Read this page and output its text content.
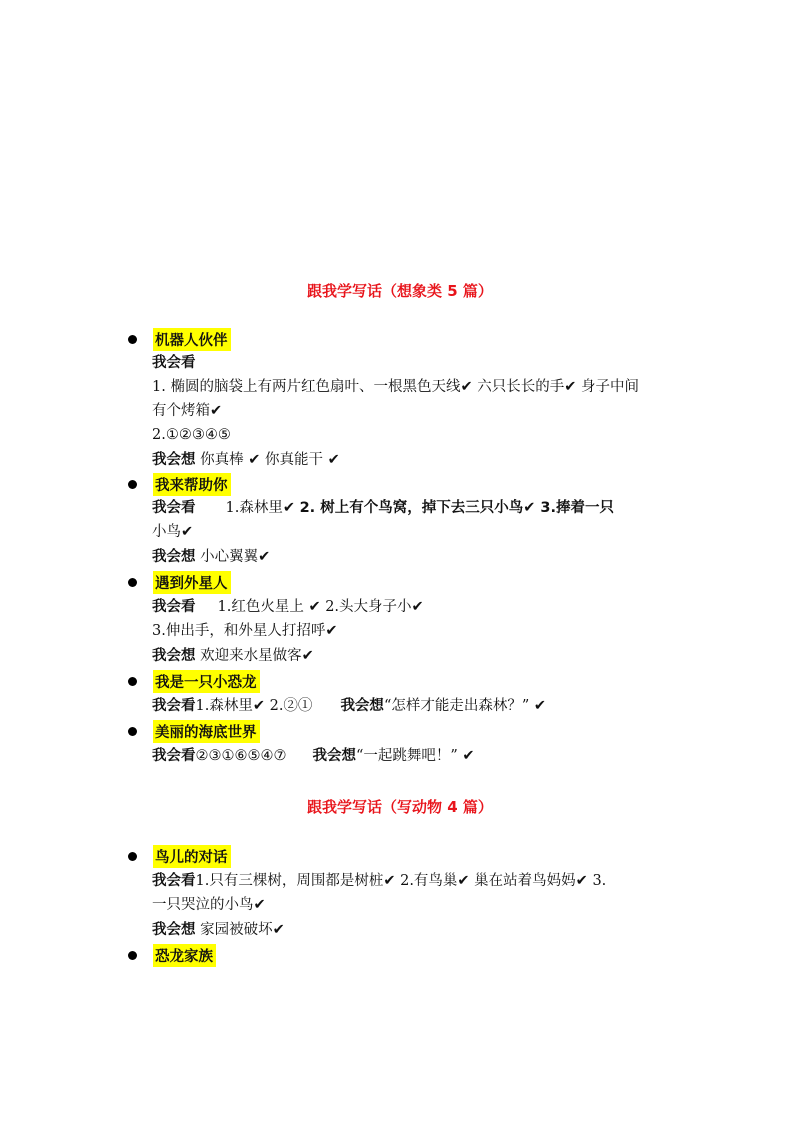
跟我学写话（想象类 5 篇）
机器人伙伴
我会看
1. 椭圆的脑袋上有两片红色扇叶、一根黑色天线✔ 六只长长的手✔ 身子中间
有个烤箱✔
2.①②③④⑤
我会想 你真棒 ✔ 你真能干 ✔
我来帮助你
我会看 1.森林里✔ 2. 树上有个鸟窝，掉下去三只小鸟✔ 3.捧着一只
小鸟✔
我会想 小心翼翼✔
遇到外星人
我会看 1.红色火星上 ✔ 2.头大身子小✔
3.伸出手，和外星人打招呼✔
我会想 欢迎来水星做客✔
我是一只小恐龙
我会看1.森林里✔ 2.②① 我会想“怎样才能走出森林？” ✔
美丽的海底世界
我会看②③①⑥⑤④⑦ 我会想“一起跳舞吧！” ✔
跟我学写话（写动物 4 篇）
鸟儿的对话
我会看1.只有三棵树，周围都是树桩✔ 2.有鸟巢✔ 巢在站着鸟妈妈✔ 3.
一只哭泣的小鸟✔
我会想 家园被破坏✔
恐龙家族
